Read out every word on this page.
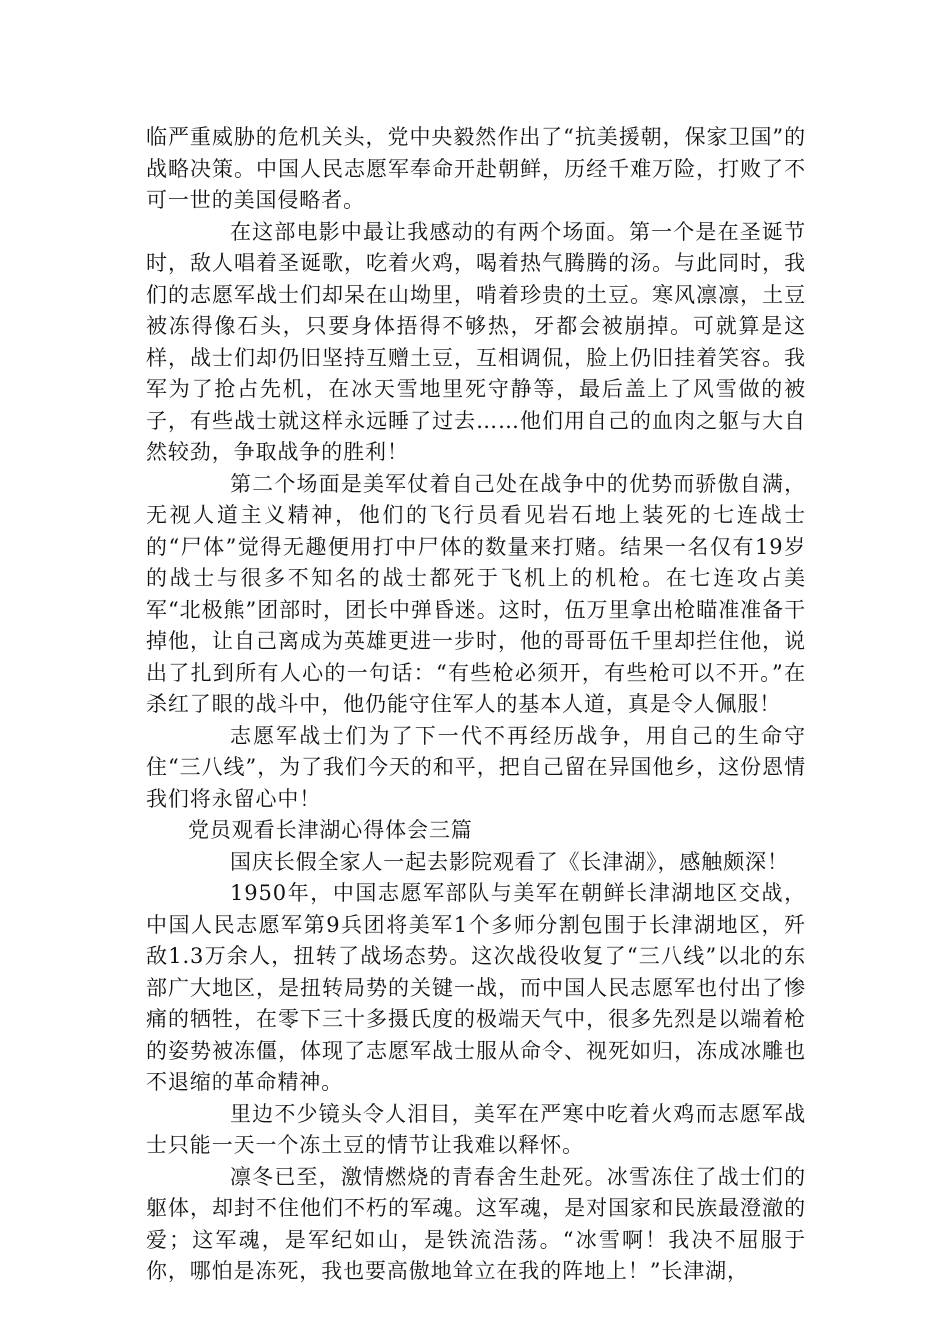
临严重威胁的危机关头，党中央毅然作出了“抗美援朝，保家卫国”的战略决策。中国人民志愿军奉命开赴朝鲜，历经千难万险，打败了不可一世的美国侵略者。

在这部电影中最让我感动的有两个场面。第一个是在圣诞节时，敌人唱着圣诞歌，吃着火鸡，喝着热气腾腾的汤。与此同时，我们的志愿军战士们却呆在山坳里，啃着珍贵的土豆。寒风凛凛，土豆被冻得像石头，只要身体捂得不够热，牙都会被崩掉。可就算是这样，战士们却仍旧坚持互赠土豆，互相调侃，脸上仍旧挂着笑容。我军为了抢占先机，在冰天雪地里死守静等，最后盖上了风雪做的被子，有些战士就这样永远睡了过去……他们用自己的血肉之躯与大自然较劲，争取战争的胜利！

第二个场面是美军仗着自己处在战争中的优势而骄傲自满，无视人道主义精神，他们的飞行员看见岩石地上装死的七连战士的“尸体”觉得无趣便用打中尸体的数量来打赌。结果一名仅有19岁的战士与很多不知名的战士都死于飞机上的机枪。在七连攻占美军“北极熊”团部时，团长中弹昏迷。这时，伍万里拿出枪瞄准准备干掉他，让自己离成为英雄更进一步时，他的哥哥伍千里却拦住他，说出了扎到所有人心的一句话：“有些枪必须开，有些枪可以不开。”在杀红了眼的战斗中，他仍能守住军人的基本人道，真是令人佩服！

志愿军战士们为了下一代不再经历战争，用自己的生命守住“三八线”，为了我们今天的和平，把自己留在异国他乡，这份恩情我们将永留心中！

党员观看长津湖心得体会三篇

国庆长假全家人一起去影院观看了《长津湖》，感触颇深！

1950年，中国志愿军部队与美军在朝鲜长津湖地区交战，中国人民志愿军第9兵团将美军1个多师分割包围于长津湖地区，歼敌1.3万余人，扭转了战场态势。这次战役收复了“三八线”以北的东部广大地区，是扭转局势的关键一战，而中国人民志愿军也付出了惨痛的牺牲，在零下三十多摄氏度的极端天气中，很多先烈是以端着枪的姿势被冻僵，体现了志愿军战士服从命令、视死如归，冻成冰雕也不退缩的革命精神。

里边不少镜头令人泪目，美军在严寒中吃着火鸡而志愿军战士只能一天一个冻土豆的情节让我难以释怀。

凛冬已至，激情燃烧的青春舍生赴死。冰雪冻住了战士们的躯体，却封不住他们不朽的军魂。这军魂，是对国家和民族最澄澈的爱；这军魂，是军纪如山，是铁流浩荡。“冰雪啊！我决不屈服于你，哪怕是冻死，我也要高傲地耸立在我的阵地上！”长津湖，
